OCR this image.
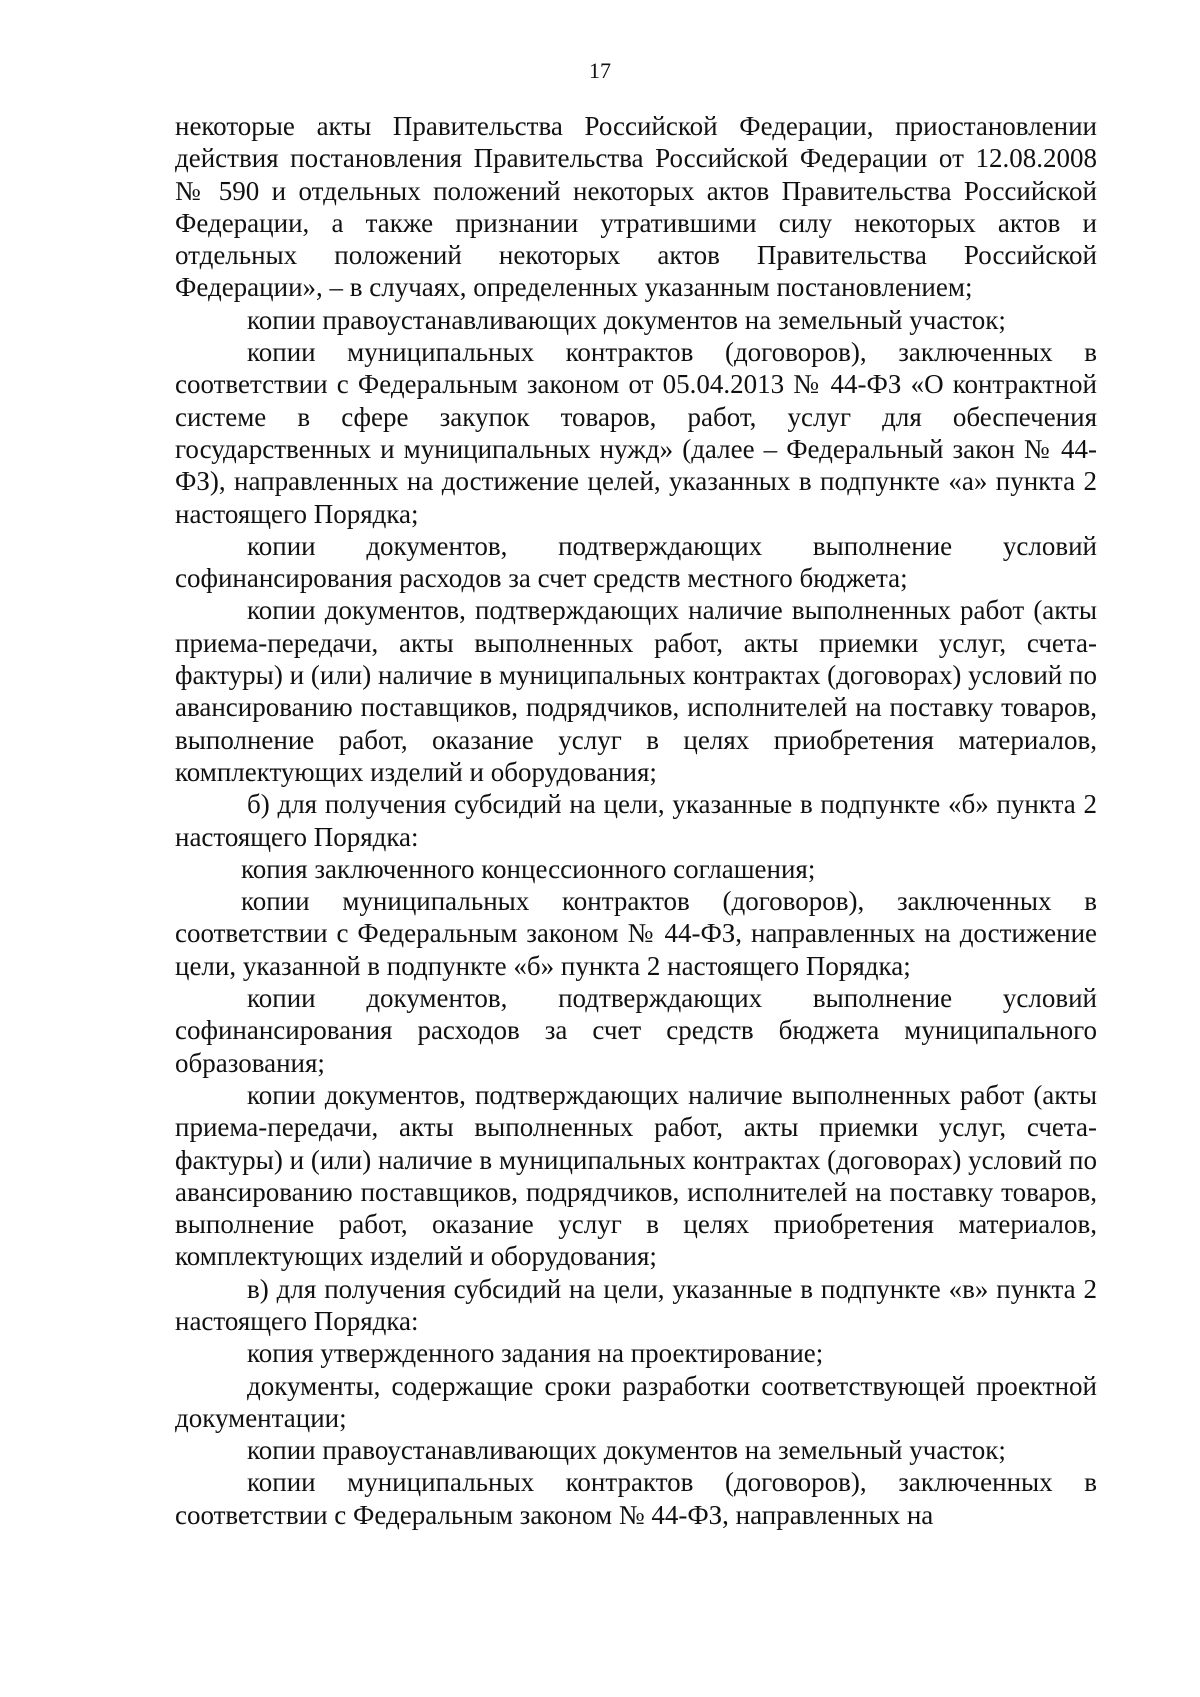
17

некоторые акты Правительства Российской Федерации, приостановлении действия постановления Правительства Российской Федерации от 12.08.2008 № 590 и отдельных положений некоторых актов Правительства Российской Федерации, а также признании утратившими силу некоторых актов и отдельных положений некоторых актов Правительства Российской Федерации», – в случаях, определенных указанным постановлением;

копии правоустанавливающих документов на земельный участок;

копии муниципальных контрактов (договоров), заключенных в соответствии с Федеральным законом от 05.04.2013 № 44-ФЗ «О контрактной системе в сфере закупок товаров, работ, услуг для обеспечения государственных и муниципальных нужд» (далее – Федеральный закон № 44-ФЗ), направленных на достижение целей, указанных в подпункте «а» пункта 2 настоящего Порядка;

копии документов, подтверждающих выполнение условий софинансирования расходов за счет средств местного бюджета;

копии документов, подтверждающих наличие выполненных работ (акты приема-передачи, акты выполненных работ, акты приемки услуг, счета-фактуры) и (или) наличие в муниципальных контрактах (договорах) условий по авансированию поставщиков, подрядчиков, исполнителей на поставку товаров, выполнение работ, оказание услуг в целях приобретения материалов, комплектующих изделий и оборудования;

б) для получения субсидий на цели, указанные в подпункте «б» пункта 2 настоящего Порядка:

копия заключенного концессионного соглашения;

копии муниципальных контрактов (договоров), заключенных в соответствии с Федеральным законом № 44-ФЗ, направленных на достижение цели, указанной в подпункте «б» пункта 2 настоящего Порядка;

копии документов, подтверждающих выполнение условий софинансирования расходов за счет средств бюджета муниципального образования;

копии документов, подтверждающих наличие выполненных работ (акты приема-передачи, акты выполненных работ, акты приемки услуг, счета-фактуры) и (или) наличие в муниципальных контрактах (договорах) условий по авансированию поставщиков, подрядчиков, исполнителей на поставку товаров, выполнение работ, оказание услуг в целях приобретения материалов, комплектующих изделий и оборудования;

в) для получения субсидий на цели, указанные в подпункте «в» пункта 2 настоящего Порядка:

копия утвержденного задания на проектирование;

документы, содержащие сроки разработки соответствующей проектной документации;

копии правоустанавливающих документов на земельный участок;

копии муниципальных контрактов (договоров), заключенных в соответствии с Федеральным законом № 44-ФЗ, направленных на
